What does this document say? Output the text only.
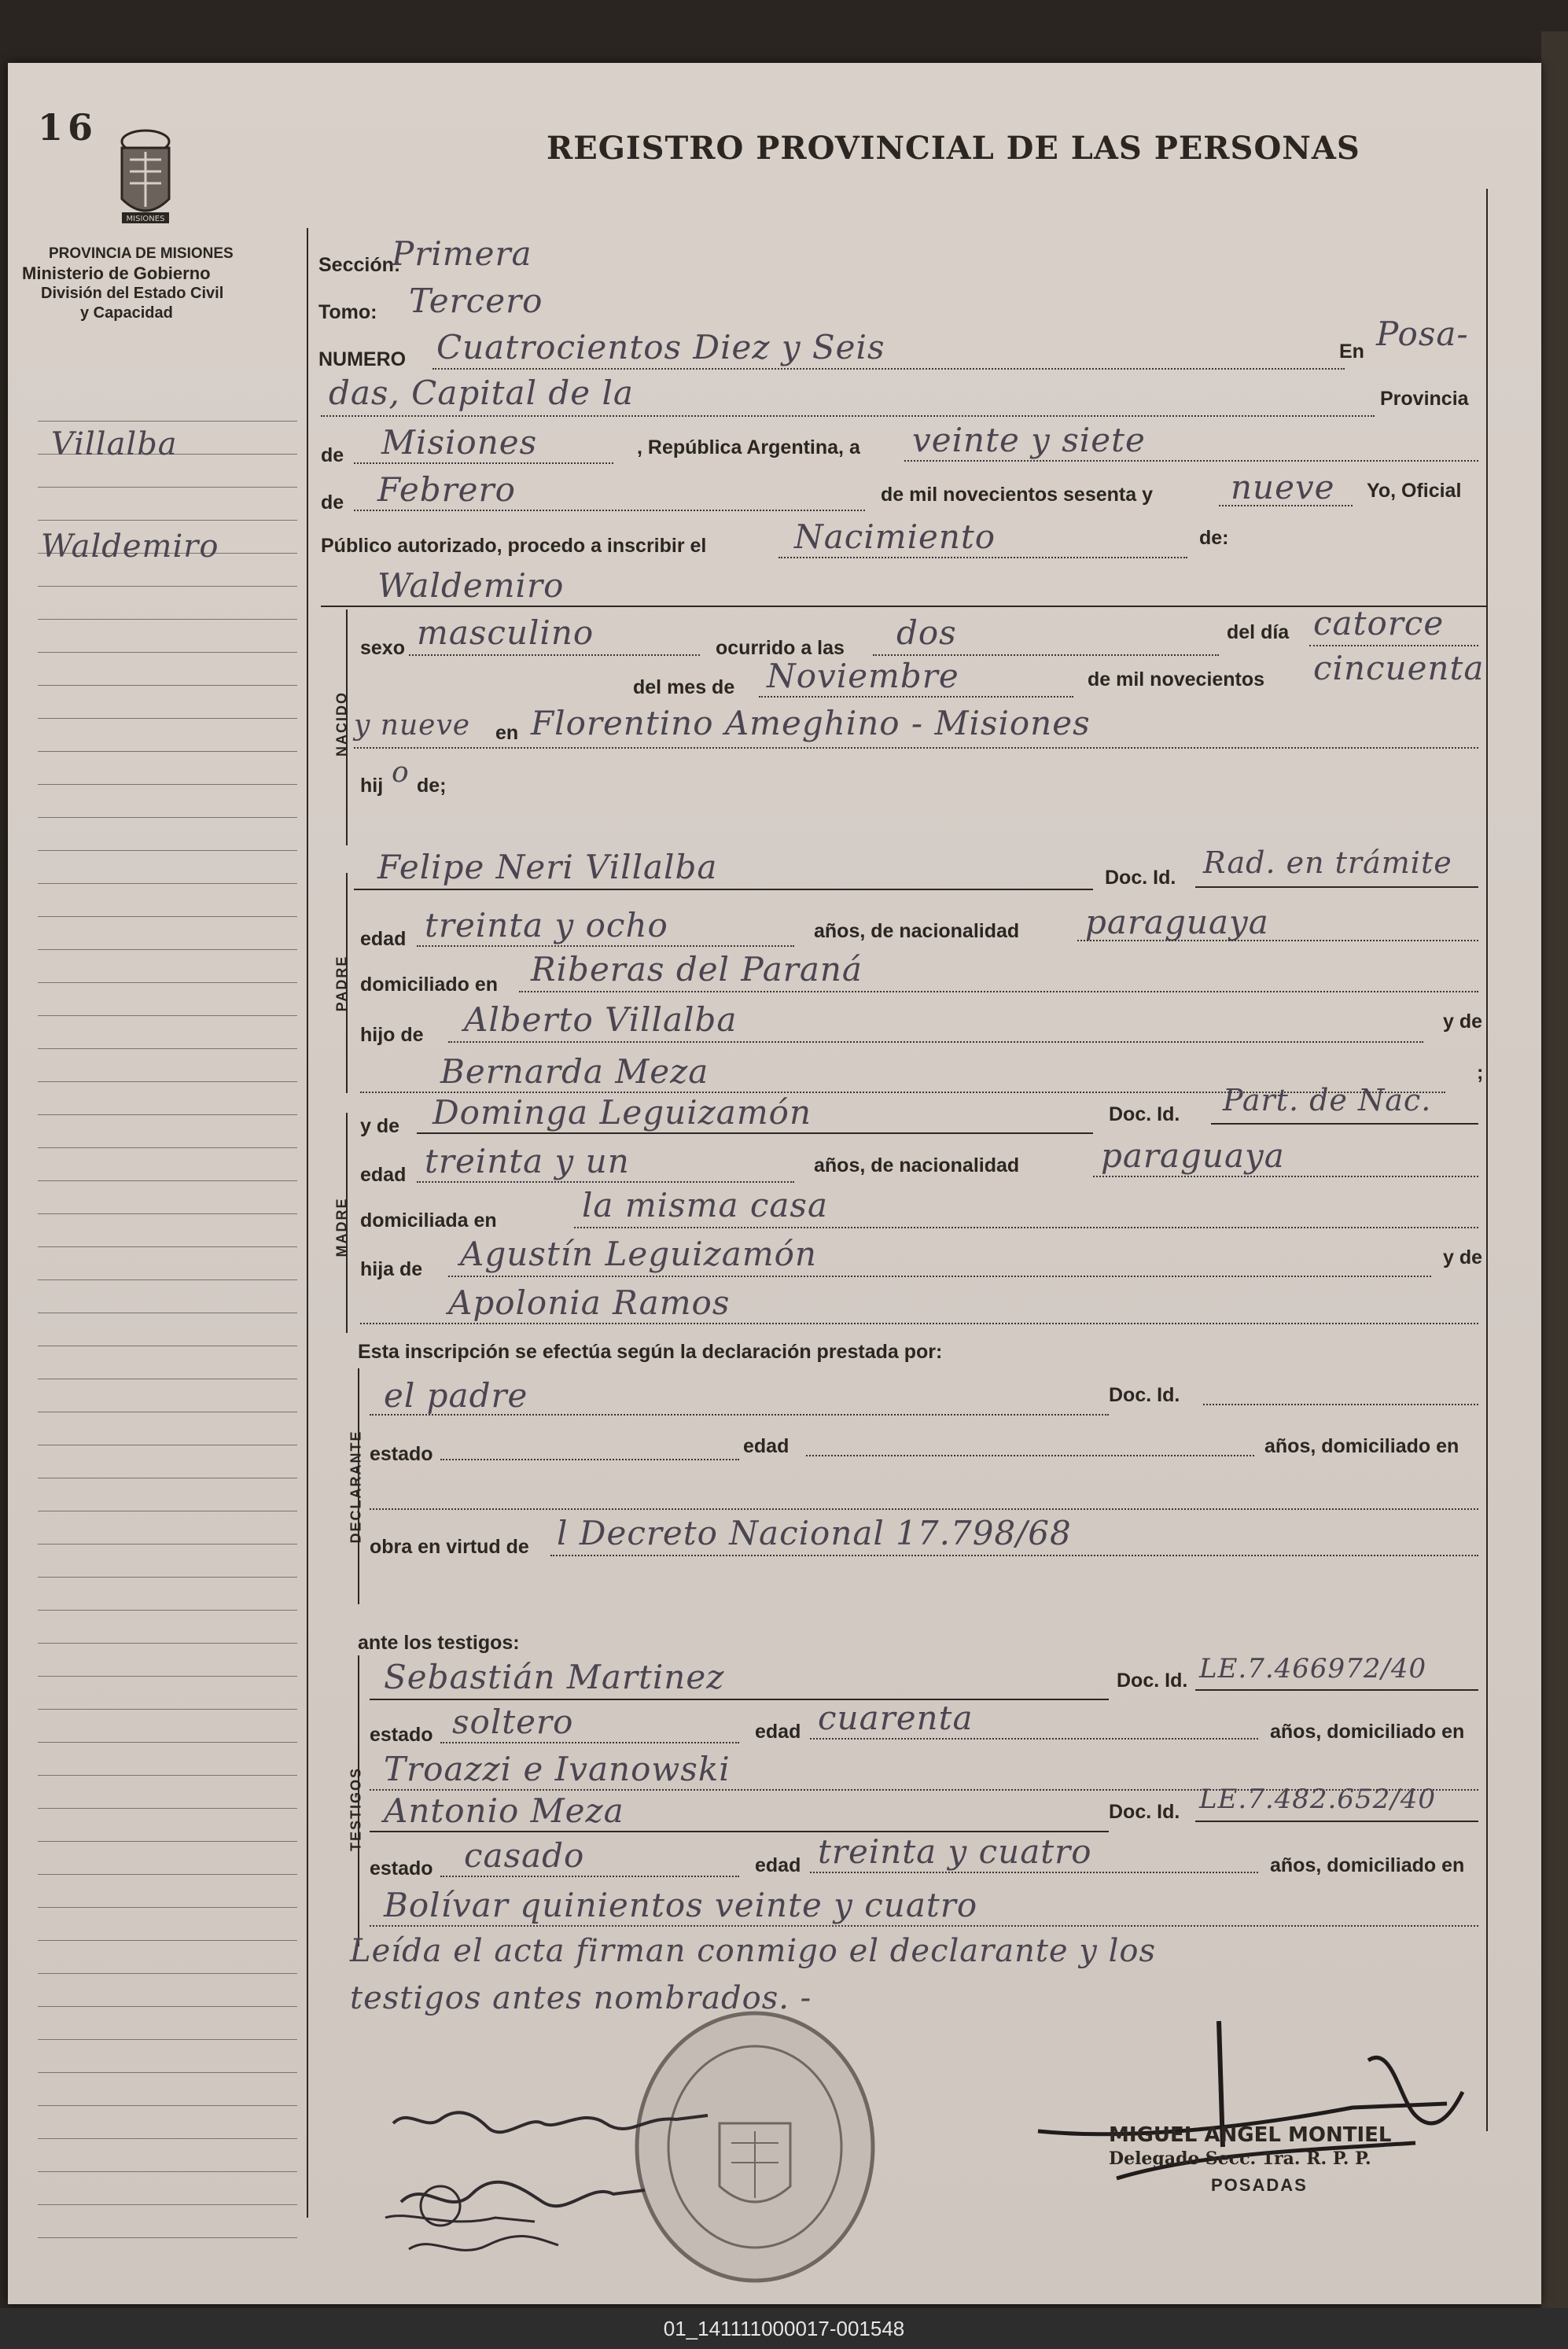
16	REGISTRO PROVINCIAL DE LAS PERSONAS
MISIONES
PROVINCIA DE MISIONES
Ministerio de Gobierno
División del Estado Civil
y Capacidad
Villalba
Waldemiro
Sección:
Primera
Tomo: Tercero
NUMERO Cuatrocientos Diez y Seis	En Posa-
das, Capital de la	Provincia
de Misiones	, República Argentina, a veinte y siete
de Febrero	de mil novecientos sesenta y nueve Yo, Oficial
Público autorizado, procedo a inscribir el	Nacimiento	de:
Waldemiro
NACIDO
sexo masculino	ocurrido a las dos	del día catorce
del mes de Noviembre	de mil novecientos cincuenta
y nueve en Florentino Ameghino - Misiones
hij o de;
PADRE
Felipe Neri Villalba	Doc. Id. Rad. en trámite
edad treinta y ocho	años, de nacionalidad paraguaya
domiciliado en Riberas del Paraná
hijo de Alberto Villalba	y de
Bernarda Meza	;
MADRE
y de Dominga Leguizamón	Doc. Id. Part. de Nac.
edad treinta y un	años, de nacionalidad paraguaya
domiciliada en	la misma casa
hija de Agustín Leguizamón	y de
Apolonia Ramos
Esta inscripción se efectúa según la declaración prestada por:
DECLARANTE
el padre	Doc. Id.
estado	edad	años, domiciliado en
obra en virtud de l Decreto Nacional 17.798/68
ante los testigos:
TESTIGOS
Sebastián Martinez	Doc. Id. LE.7.466972/40
estado soltero	edad cuarenta	años, domiciliado en
Troazzi e Ivanowski
Antonio Meza	Doc. Id. LE.7.482.652/40
estado casado	edad treinta y cuatro	años, domiciliado en
Bolívar quinientos veinte y cuatro
Leída el acta firman conmigo el declarante y los
testigos antes nombrados. -
MIGUEL ANGEL MONTIEL
Delegado Secc. 1ra. R. P. P.
POSADAS
01_141111000017-001548
